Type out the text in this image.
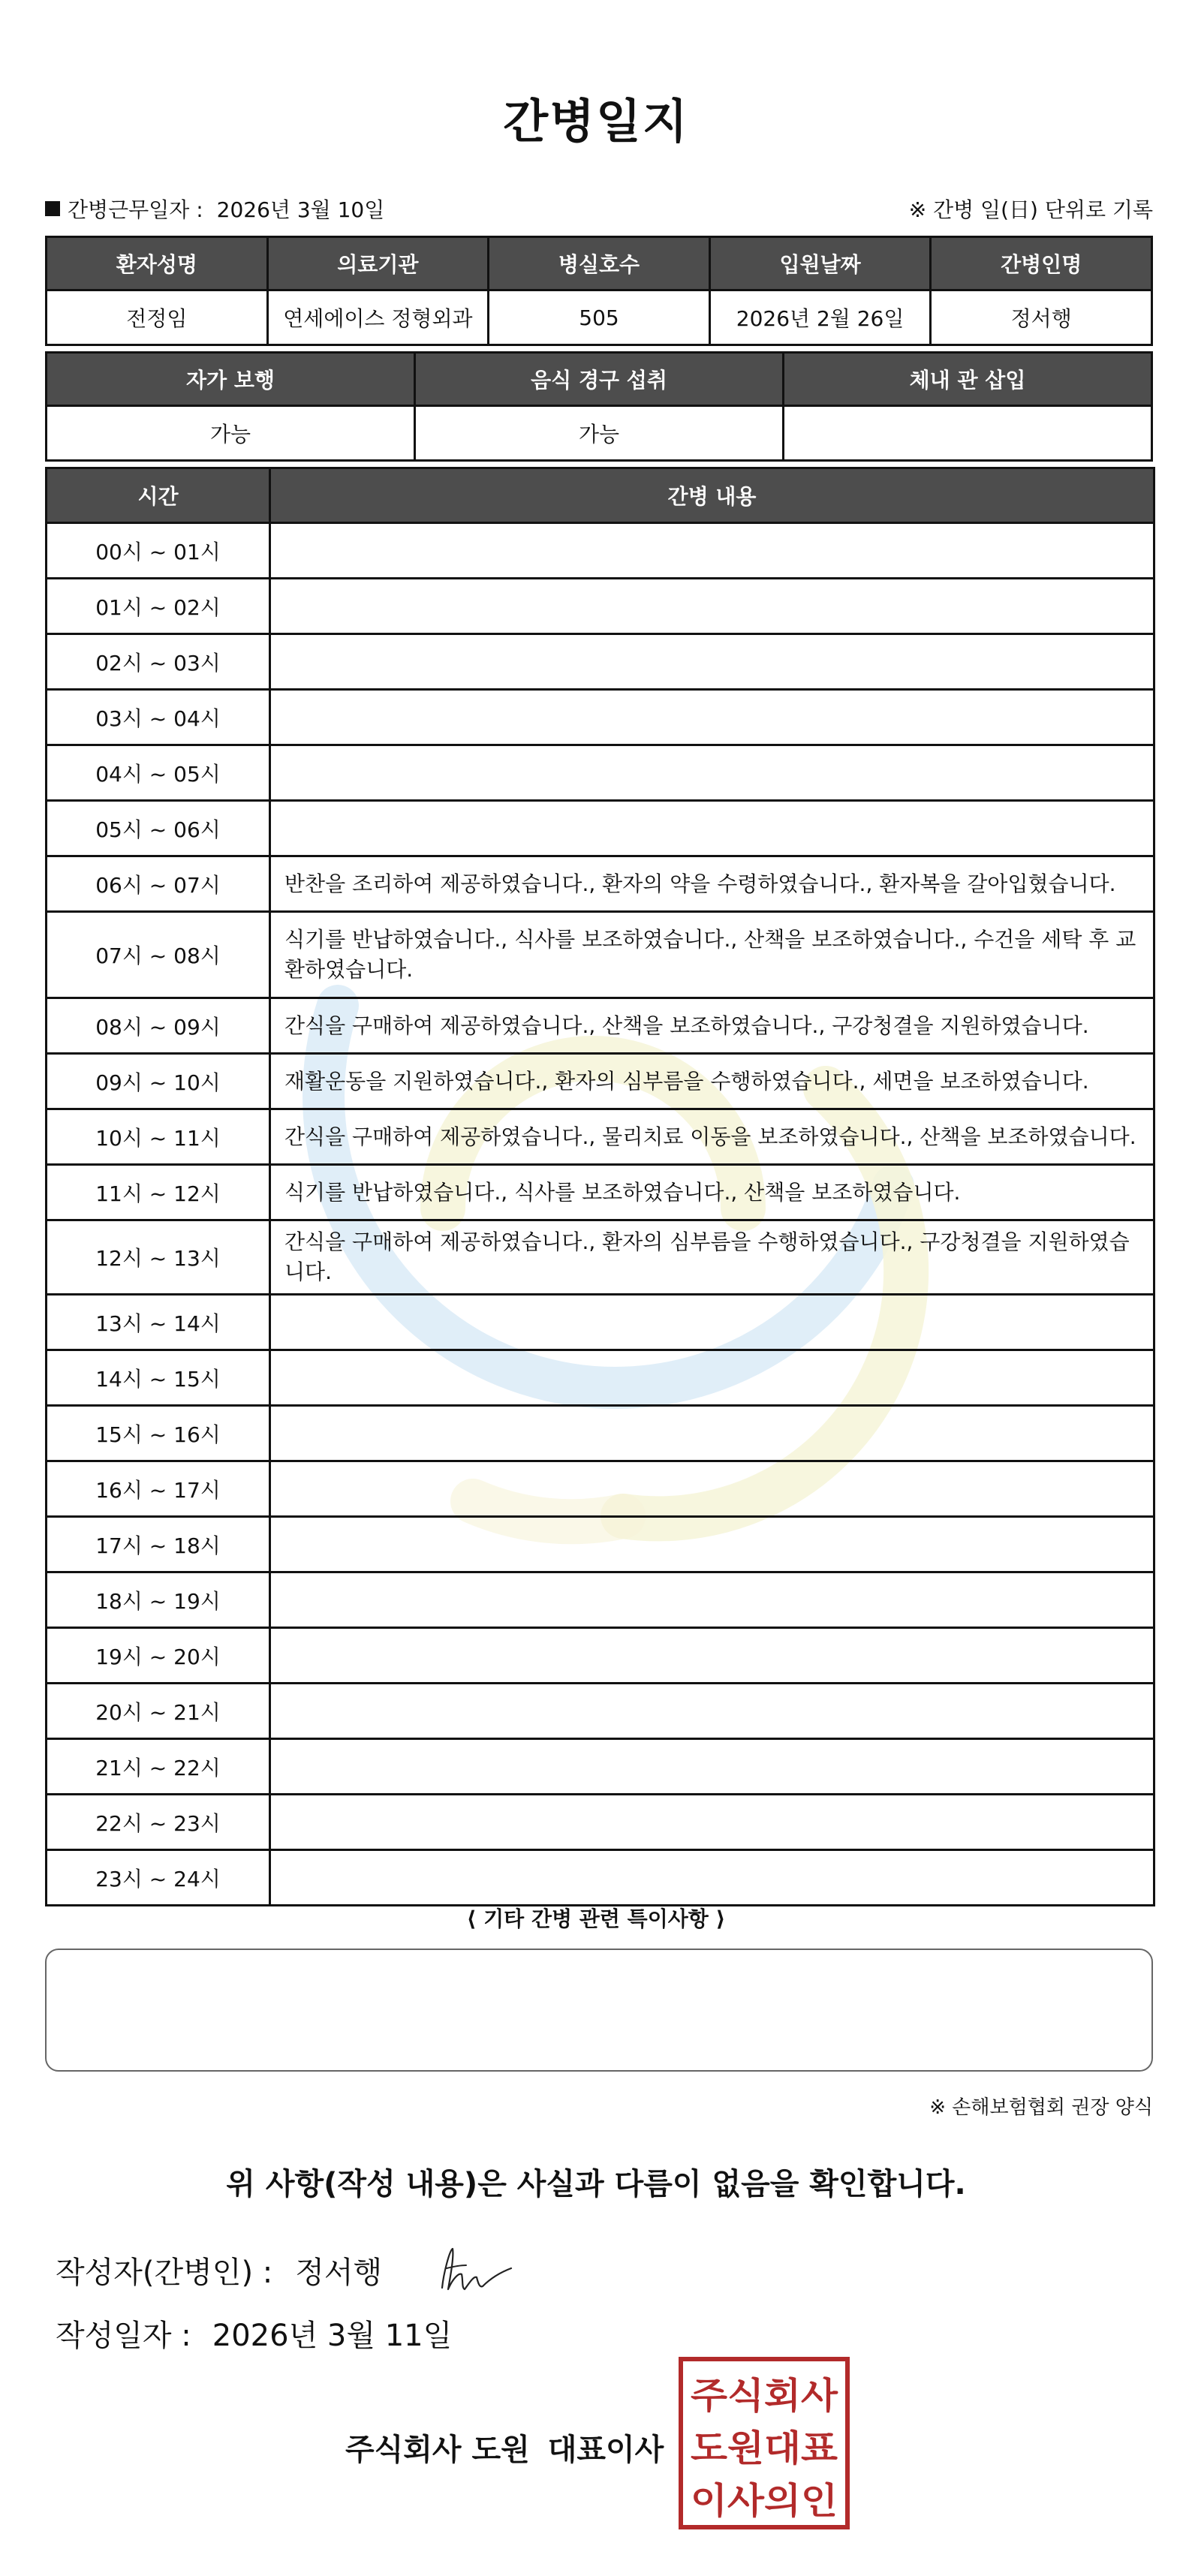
간병일지
간병근무일자 : 2026년 3월 10일	※ 간병 일(日) 단위로 기록
환자성명	의료기관	병실호수	입원날짜	간병인명
전정임	연세에이스 정형외과	505	2026년 2월 26일	정서행
자가 보행	음식 경구 섭취	체내 관 삽입
가능	가능	
시간	간병 내용
00시 ~ 01시	
01시 ~ 02시	
02시 ~ 03시	
03시 ~ 04시	
04시 ~ 05시	
05시 ~ 06시	
06시 ~ 07시	반찬을 조리하여 제공하였습니다., 환자의 약을 수령하였습니다., 환자복을 갈아입혔습니다.
07시 ~ 08시	식기를 반납하였습니다., 식사를 보조하였습니다., 산책을 보조하였습니다., 수건을 세탁 후 교환하였습니다.
08시 ~ 09시	간식을 구매하여 제공하였습니다., 산책을 보조하였습니다., 구강청결을 지원하였습니다.
09시 ~ 10시	재활운동을 지원하였습니다., 환자의 심부름을 수행하였습니다., 세면을 보조하였습니다.
10시 ~ 11시	간식을 구매하여 제공하였습니다., 물리치료 이동을 보조하였습니다., 산책을 보조하였습니다.
11시 ~ 12시	식기를 반납하였습니다., 식사를 보조하였습니다., 산책을 보조하였습니다.
12시 ~ 13시	간식을 구매하여 제공하였습니다., 환자의 심부름을 수행하였습니다., 구강청결을 지원하였습니다.
13시 ~ 14시	
14시 ~ 15시	
15시 ~ 16시	
16시 ~ 17시	
17시 ~ 18시	
18시 ~ 19시	
19시 ~ 20시	
20시 ~ 21시	
21시 ~ 22시	
22시 ~ 23시	
23시 ~ 24시	
⟨ 기타 간병 관련 특이사항 ⟩
※ 손해보험협회 권장 양식
위 사항(작성 내용)은 사실과 다름이 없음을 확인합니다.
작성자(간병인) : 정서행
작성일자 : 2026년 3월 11일
주식회사 도원 대표이사
주식회사
도원대표
이사의인
